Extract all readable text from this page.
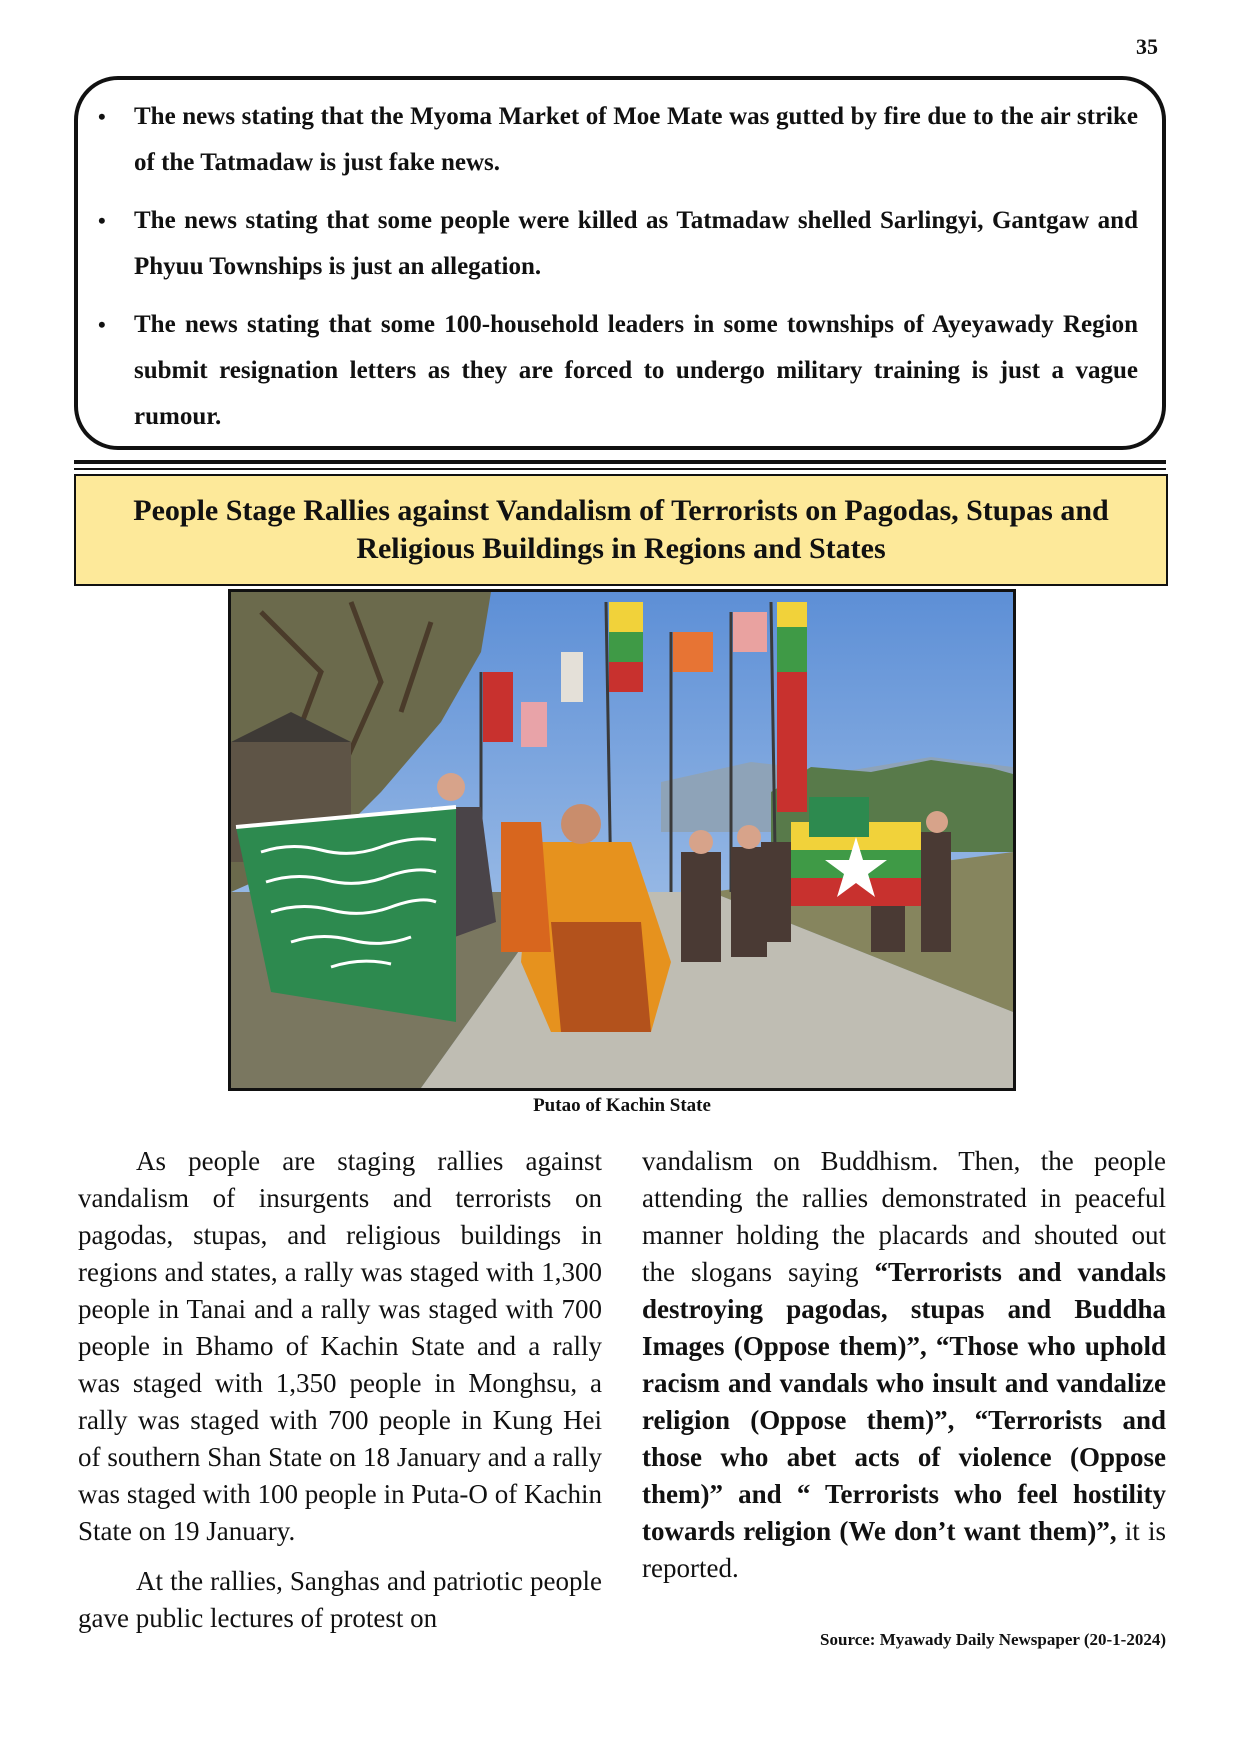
35
• The news stating that the Myoma Market of Moe Mate was gutted by fire due to the air strike of the Tatmadaw is just fake news.
• The news stating that some people were killed as Tatmadaw shelled Sarlingyi, Gantgaw and Phyuu Townships is just an allegation.
• The news stating that some 100-household leaders in some townships of Ayeyawady Region submit resignation letters as they are forced to undergo military training is just a vague rumour.
People Stage Rallies against Vandalism of Terrorists on Pagodas, Stupas and
Religious Buildings in Regions and States
Putao of Kachin State

As people are staging rallies against vandalism of insurgents and terrorists on pagodas, stupas, and religious buildings in regions and states, a rally was staged with 1,300 people in Tanai and a rally was staged with 700 people in Bhamo of Kachin State and a rally was staged with 1,350 people in Monghsu, a rally was staged with 700 people in Kung Hei of southern Shan State on 18 January and a rally was staged with 100 people in Puta-O of Kachin State on 19 January.

At the rallies, Sanghas and patriotic people gave public lectures of protest on

vandalism on Buddhism. Then, the people attending the rallies demonstrated in peaceful manner holding the placards and shouted out the slogans saying “Terrorists and vandals destroying pagodas, stupas and Buddha Images (Oppose them)”, “Those who uphold racism and vandals who insult and vandalize religion (Oppose them)”, “Terrorists and those who abet acts of violence (Oppose them)” and “ Terrorists who feel hostility towards religion (We don’t want them)”, it is reported.

Source: Myawady Daily Newspaper (20-1-2024)
